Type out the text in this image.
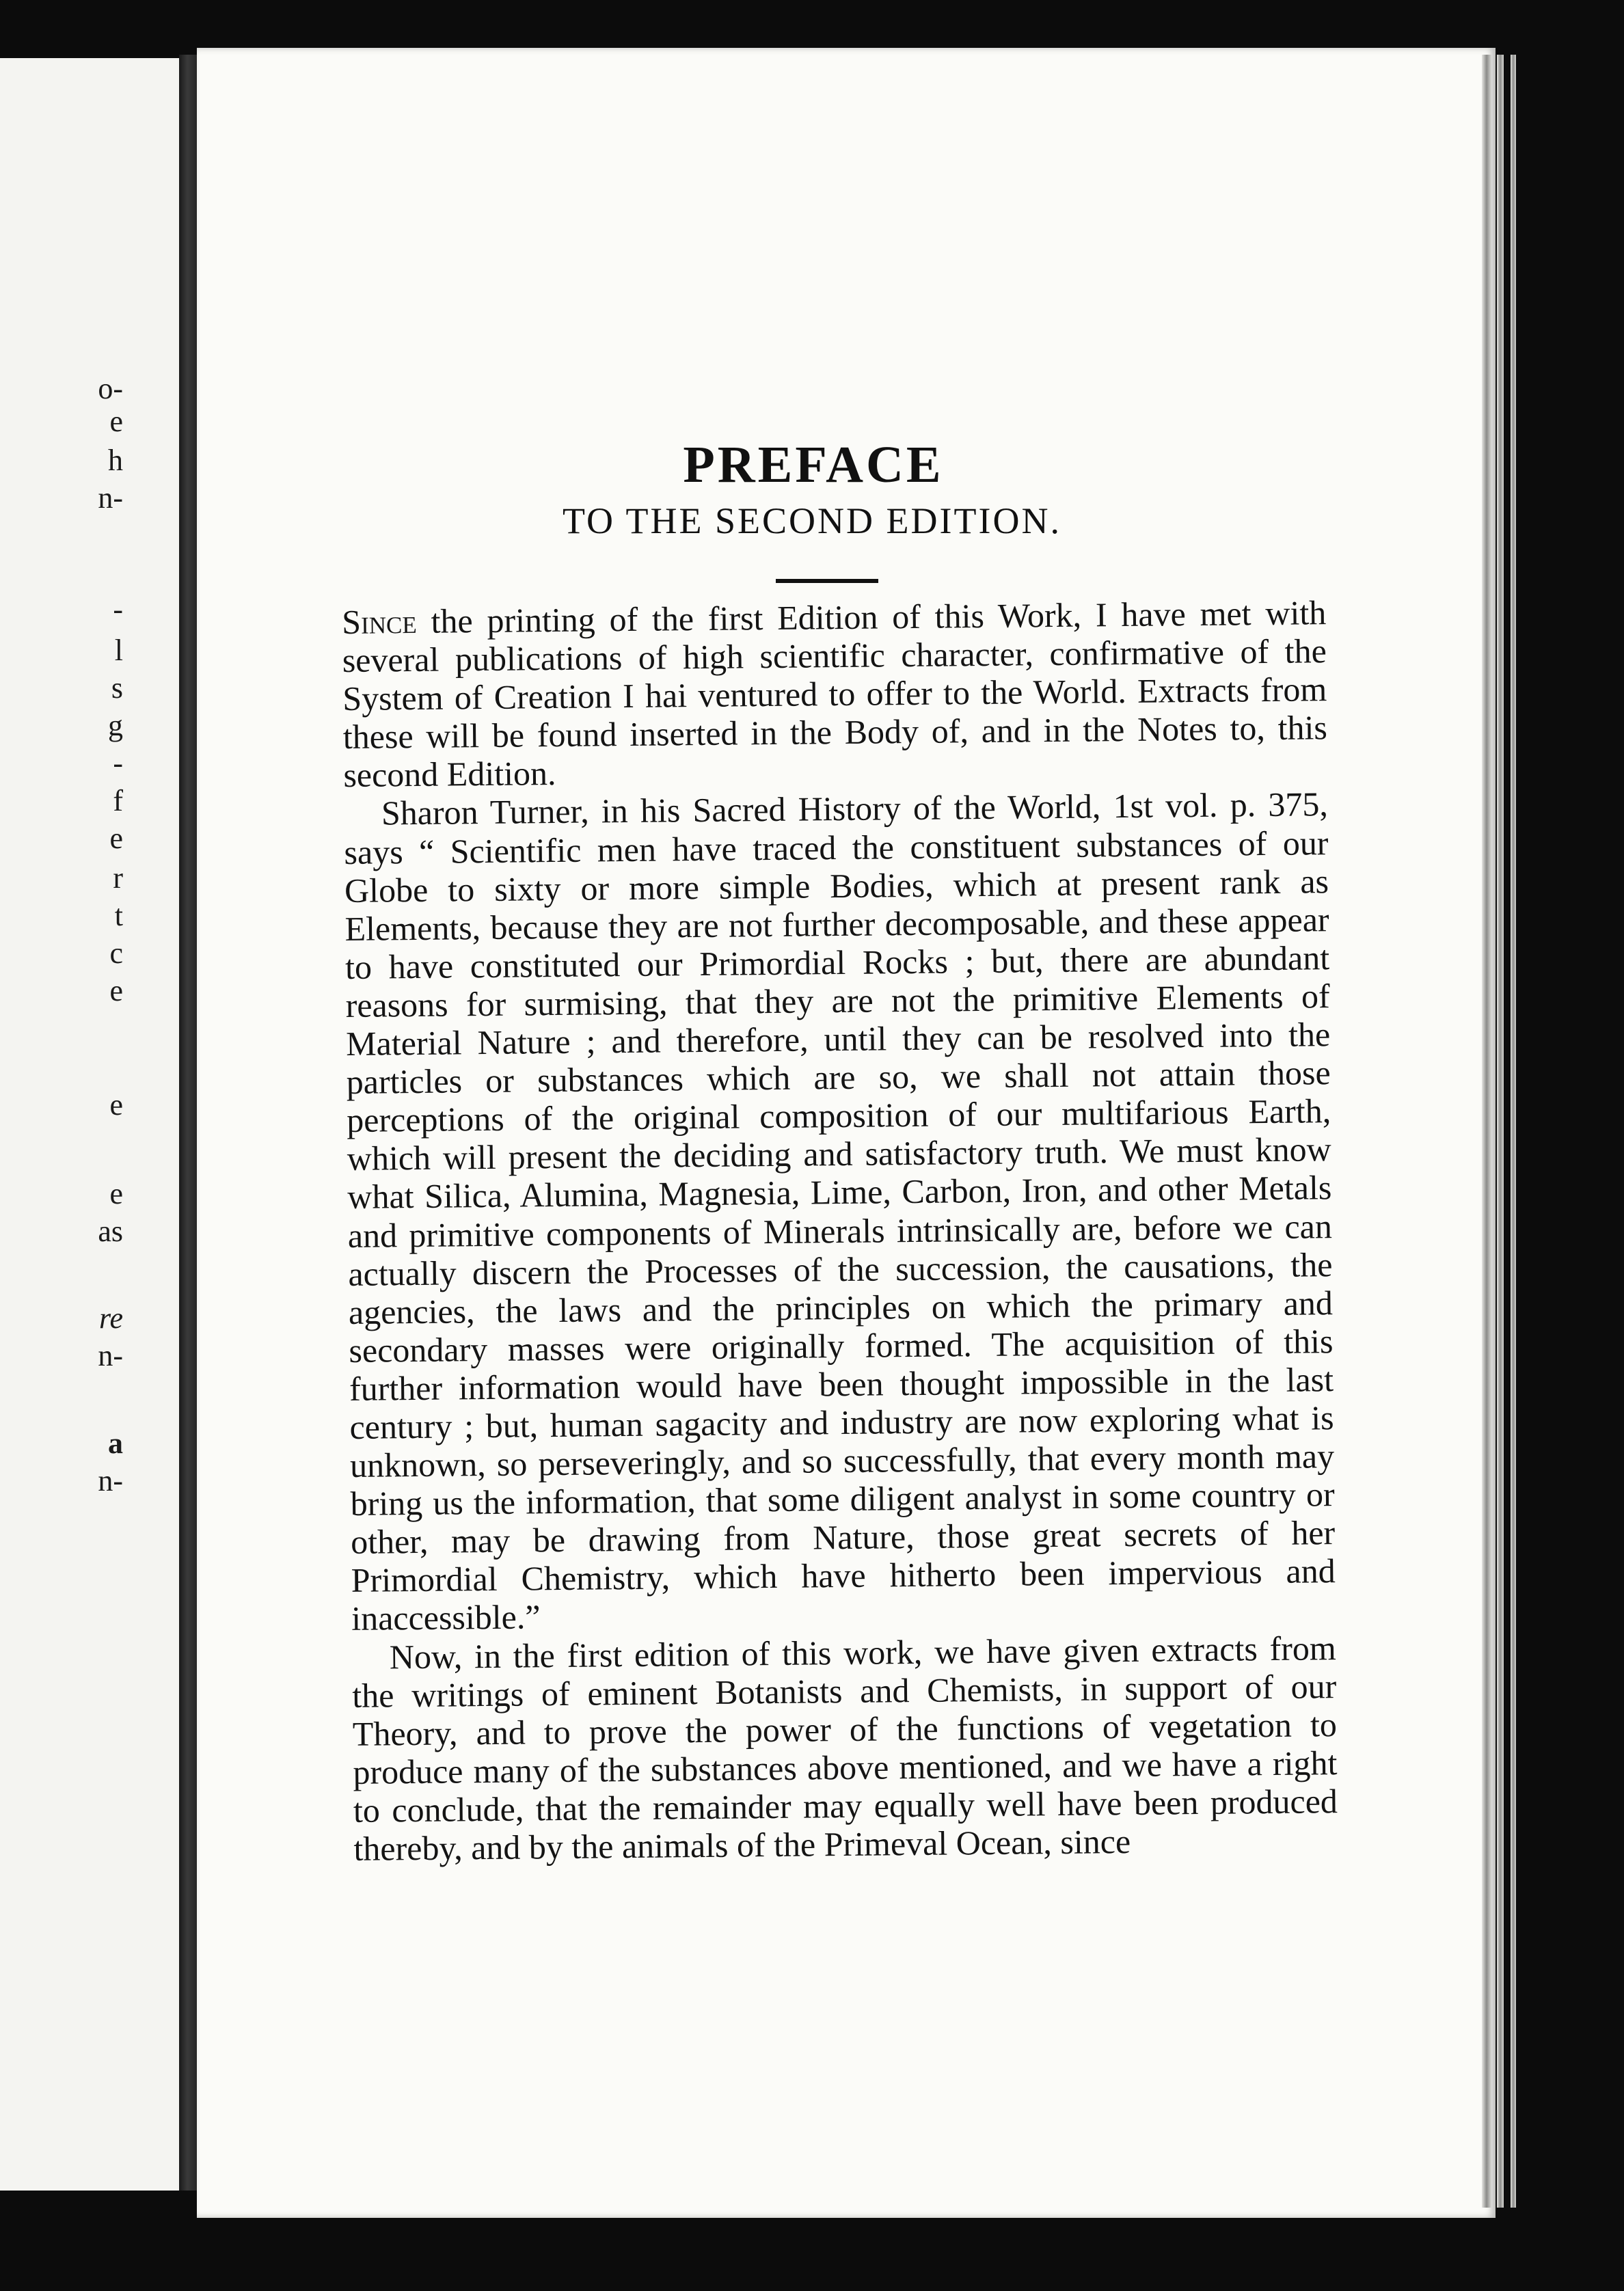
o-
e
h
n-
-
l
s
g
-
f
e
r
t
c
e
e
e
as
re
n-
a
n-
PREFACE
TO THE SECOND EDITION.

Since the printing of the first Edition of this Work, I have met with several publications of high scientific character, confirmative of the System of Creation I hai ventured to offer to the World. Extracts from these will be found inserted in the Body of, and in the Notes to, this second Edition.

Sharon Turner, in his Sacred History of the World, 1st vol. p. 375, says “ Scientific men have traced the constituent substances of our Globe to sixty or more simple Bodies, which at present rank as Elements, because they are not further decomposable, and these appear to have constituted our Primordial Rocks ; but, there are abundant reasons for surmising, that they are not the primitive Elements of Material Nature ; and therefore, until they can be resolved into the particles or substances which are so, we shall not attain those perceptions of the original composition of our multifarious Earth, which will present the deciding and satisfactory truth. We must know what Silica, Alumina, Magnesia, Lime, Carbon, Iron, and other Metals and primitive components of Minerals intrinsically are, before we can actually discern the Processes of the succession, the causations, the agencies, the laws and the principles on which the primary and secondary masses were originally formed. The acquisition of this further information would have been thought impossible in the last century ; but, human sagacity and industry are now exploring what is unknown, so perseveringly, and so successfully, that every month may bring us the information, that some diligent analyst in some country or other, may be drawing from Nature, those great secrets of her Primordial Chemistry, which have hitherto been impervious and inaccessible.”

Now, in the first edition of this work, we have given extracts from the writings of eminent Botanists and Chemists, in support of our Theory, and to prove the power of the functions of vegetation to produce many of the substances above mentioned, and we have a right to conclude, that the remainder may equally well have been produced thereby, and by the animals of the Primeval Ocean, since
